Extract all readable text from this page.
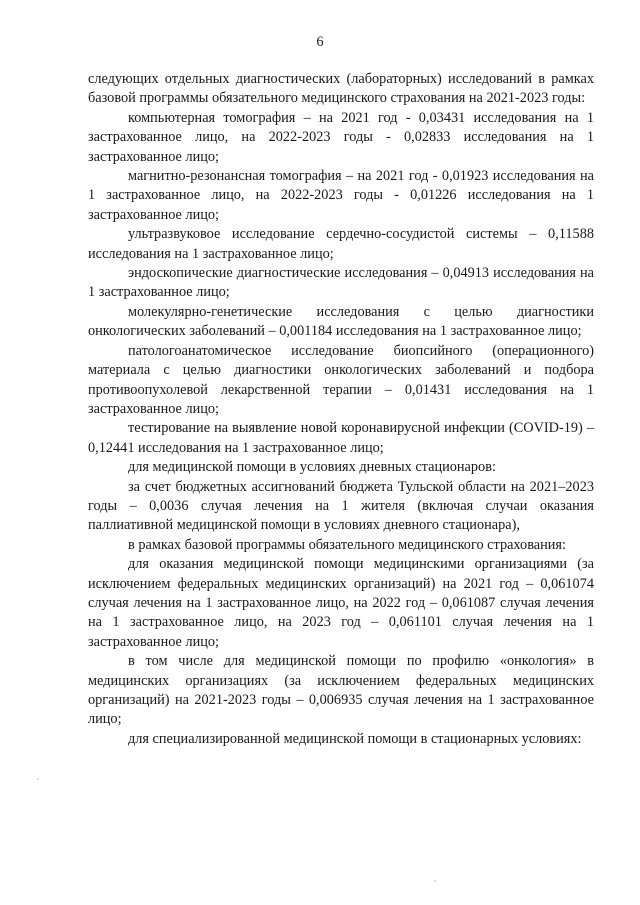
6

следующих отдельных диагностических (лабораторных) исследований в рамках базовой программы обязательного медицинского страхования на 2021-2023 годы:

компьютерная томография – на 2021 год - 0,03431 исследования на 1 застрахованное лицо, на 2022-2023 годы - 0,02833 исследования на 1 застрахованное лицо;

магнитно-резонансная томография – на 2021 год - 0,01923 исследования на 1 застрахованное лицо, на 2022-2023 годы - 0,01226 исследования на 1 застрахованное лицо;

ультразвуковое исследование сердечно-сосудистой системы – 0,11588 исследования на 1 застрахованное лицо;

эндоскопические диагностические исследования – 0,04913 исследования на 1 застрахованное лицо;

молекулярно-генетические исследования с целью диагностики онкологических заболеваний – 0,001184 исследования на 1 застрахованное лицо;

патологоанатомическое исследование биопсийного (операционного) материала с целью диагностики онкологических заболеваний и подбора противоопухолевой лекарственной терапии – 0,01431 исследования на 1 застрахованное лицо;

тестирование на выявление новой коронавирусной инфекции (COVID-19) – 0,12441 исследования на 1 застрахованное лицо;

для медицинской помощи в условиях дневных стационаров:

за счет бюджетных ассигнований бюджета Тульской области на 2021–2023 годы – 0,0036 случая лечения на 1 жителя (включая случаи оказания паллиативной медицинской помощи в условиях дневного стационара),

в рамках базовой программы обязательного медицинского страхования:

для оказания медицинской помощи медицинскими организациями (за исключением федеральных медицинских организаций) на 2021 год – 0,061074 случая лечения на 1 застрахованное лицо, на 2022 год – 0,061087 случая лечения на 1 застрахованное лицо, на 2023 год – 0,061101 случая лечения на 1 застрахованное лицо;

в том числе для медицинской помощи по профилю «онкология» в медицинских организациях (за исключением федеральных медицинских организаций) на 2021-2023 годы – 0,006935 случая лечения на 1 застрахованное лицо;

для специализированной медицинской помощи в стационарных условиях:
